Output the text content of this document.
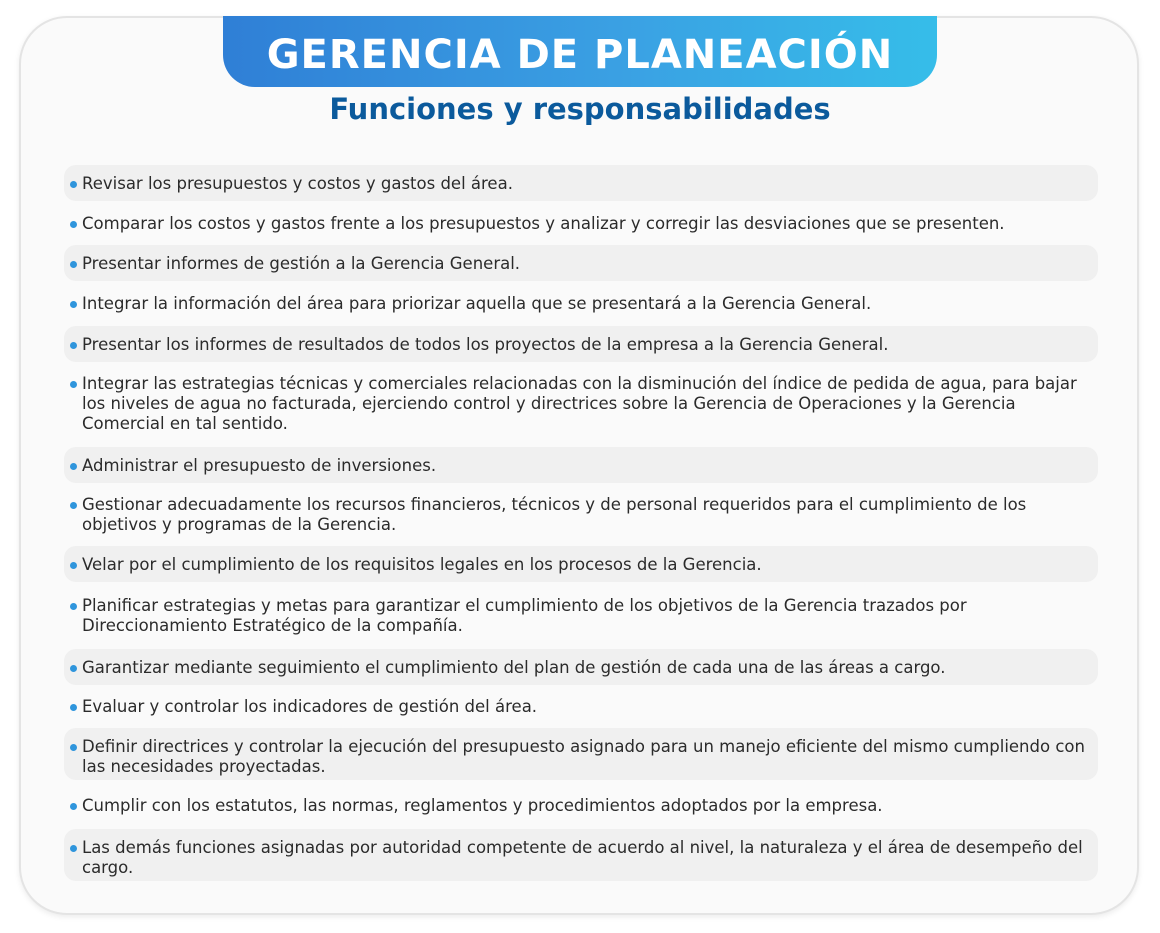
GERENCIA DE PLANEACIÓN
Funciones y responsabilidades
Revisar los presupuestos y costos y gastos del área.
Comparar los costos y gastos frente a los presupuestos y analizar y corregir las desviaciones que se presenten.
Presentar informes de gestión a la Gerencia General.
Integrar la información del área para priorizar aquella que se presentará a la Gerencia General.
Presentar los informes de resultados de todos los proyectos de la empresa a la Gerencia General.
Integrar las estrategias técnicas y comerciales relacionadas con la disminución del índice de pedida de agua, para bajar los niveles de agua no facturada, ejerciendo control y directrices sobre la Gerencia de Operaciones y la Gerencia Comercial en tal sentido.
Administrar el presupuesto de inversiones.
Gestionar adecuadamente los recursos financieros, técnicos y de personal requeridos para el cumplimiento de los objetivos y programas de la Gerencia.
Velar por el cumplimiento de los requisitos legales en los procesos de la Gerencia.
Planificar estrategias y metas para garantizar el cumplimiento de los objetivos de la Gerencia trazados por Direccionamiento Estratégico de la compañía.
Garantizar mediante seguimiento el cumplimiento del plan de gestión de cada una de las áreas a cargo.
Evaluar y controlar los indicadores de gestión del área.
Definir directrices y controlar la ejecución del presupuesto asignado para un manejo eficiente del mismo cumpliendo con las necesidades proyectadas.
Cumplir con los estatutos, las normas, reglamentos y procedimientos adoptados por la empresa.
Las demás funciones asignadas por autoridad competente de acuerdo al nivel, la naturaleza y el área de desempeño del cargo.
